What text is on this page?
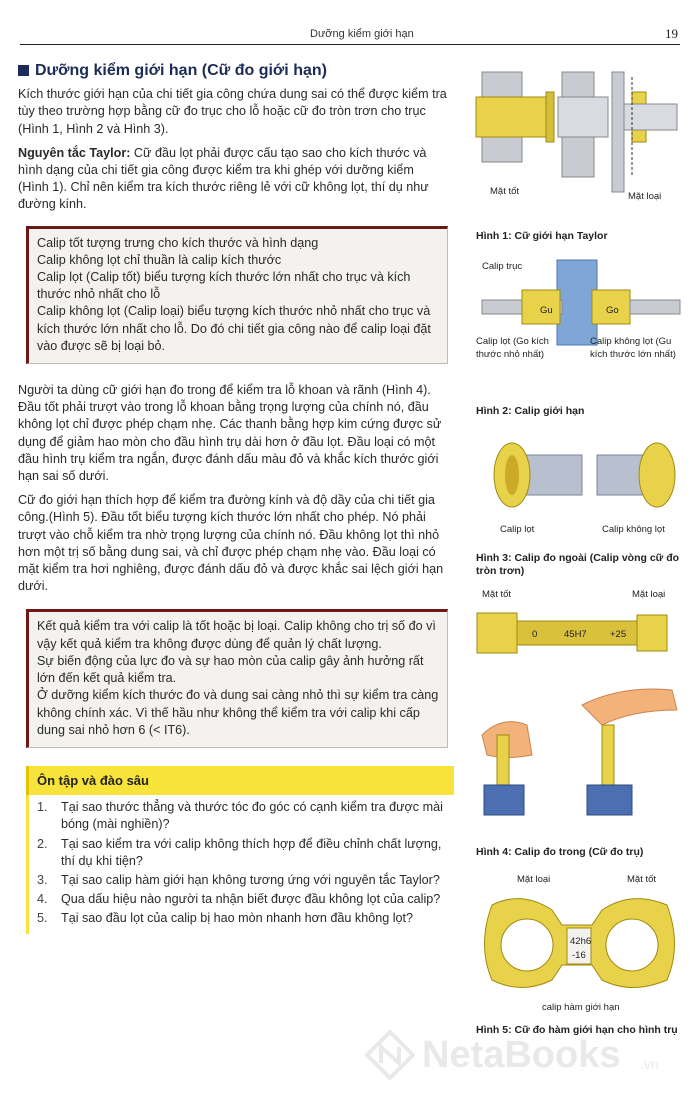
Dưỡng kiểm giới hạn	19
Dưỡng kiểm giới hạn (Cữ đo giới hạn)

Kích thước giới hạn của chi tiết gia công chứa dung sai có thể được kiểm tra tùy theo trường hợp bằng cữ đo trục cho lỗ hoặc cữ đo tròn trơn cho trục (Hình 1, Hình 2 và Hình 3).

Nguyên tắc Taylor: Cữ đầu lọt phải được cấu tạo sao cho kích thước và hình dạng của chi tiết gia công được kiểm tra khi ghép với dưỡng kiểm (Hình 1). Chỉ nên kiểm tra kích thước riêng lẻ với cữ không lọt, thí dụ như đường kính.

Calip tốt tượng trưng cho kích thước và hình dạng
Calip không lọt chỉ thuần là calip kích thước
Calip lọt (Calip tốt) biểu tượng kích thước lớn nhất cho trục và kích thước nhỏ nhất cho lỗ
Calip không lọt (Calip loại) biểu tượng kích thước nhỏ nhất cho trục và kích thước lớn nhất cho lỗ. Do đó chi tiết gia công nào để calip loại đặt vào được sẽ bị loại bỏ.

Người ta dùng cữ giới hạn đo trong để kiểm tra lỗ khoan và rãnh (Hình 4). Đầu tốt phải trượt vào trong lỗ khoan bằng trọng lượng của chính nó, đầu không lọt chỉ được phép chạm nhẹ. Các thanh bằng hợp kim cứng được sử dụng để giảm hao mòn cho đầu hình trụ dài hơn ở đầu lọt. Đầu loại có một đầu hình trụ kiểm tra ngắn, được đánh dấu màu đỏ và khắc kích thước giới hạn sai số dưới.

Cữ đo giới hạn thích hợp để kiểm tra đường kính và độ dầy của chi tiết gia công.(Hình 5). Đầu tốt biểu tượng kích thước lớn nhất cho phép. Nó phải trượt vào chỗ kiểm tra nhờ trọng lượng của chính nó. Đầu không lọt thì nhỏ hơn một trị số bằng dung sai, và chỉ được phép chạm nhẹ vào. Đầu loại có mặt kiểm tra hơi nghiêng, được đánh dấu đỏ và được khắc sai lệch giới hạn dưới.

Kết quả kiểm tra với calip là tốt hoặc bị loại. Calip không cho trị số đo vì vậy kết quả kiểm tra không được dùng để quản lý chất lượng.
Sự biến động của lực đo và sự hao mòn của calip gây ảnh hưởng rất lớn đến kết quả kiểm tra.
Ở dưỡng kiểm kích thước đo và dung sai càng nhỏ thì sự kiểm tra càng không chính xác. Vì thế hầu như không thể kiểm tra với calip khi cấp dung sai nhỏ hơn 6 (< IT6).
Ôn tập và đào sâu
1.	Tại sao thước thẳng và thước tóc đo góc có cạnh kiểm tra được mài bóng (mài nghiền)?
2.	Tại sao kiểm tra với calip không thích hợp để điều chỉnh chất lượng, thí dụ khi tiện?
3.	Tại sao calip hàm giới hạn không tương ứng với nguyên tắc Taylor?
4.	Qua dấu hiệu nào người ta nhận biết được đầu không lọt của calip?
5.	Tại sao đầu lọt của calip bị hao mòn nhanh hơn đầu không lọt?
Mặt tốt	Mặt loại
Hình 1: Cữ giới hạn Taylor
Gu	Go
Calip trục
Calip lọt (Go kích thước nhỏ nhất)
Calip không lọt (Gu kích thước lớn nhất)
Hình 2: Calip giới hạn
Calip lọt	Calip không lọt
Hình 3: Calip đo ngoài (Calip vòng cữ đo tròn trơn)
Mặt tốt	Mặt loại
0	45H7 +25
Hình 4: Calip đo trong (Cữ đo trụ)
Mặt loại	Mặt tốt
42h6
-16
calip hàm giới hạn
Hình 5: Cữ đo hàm giới hạn cho hình trụ
NetaBooks .vn
